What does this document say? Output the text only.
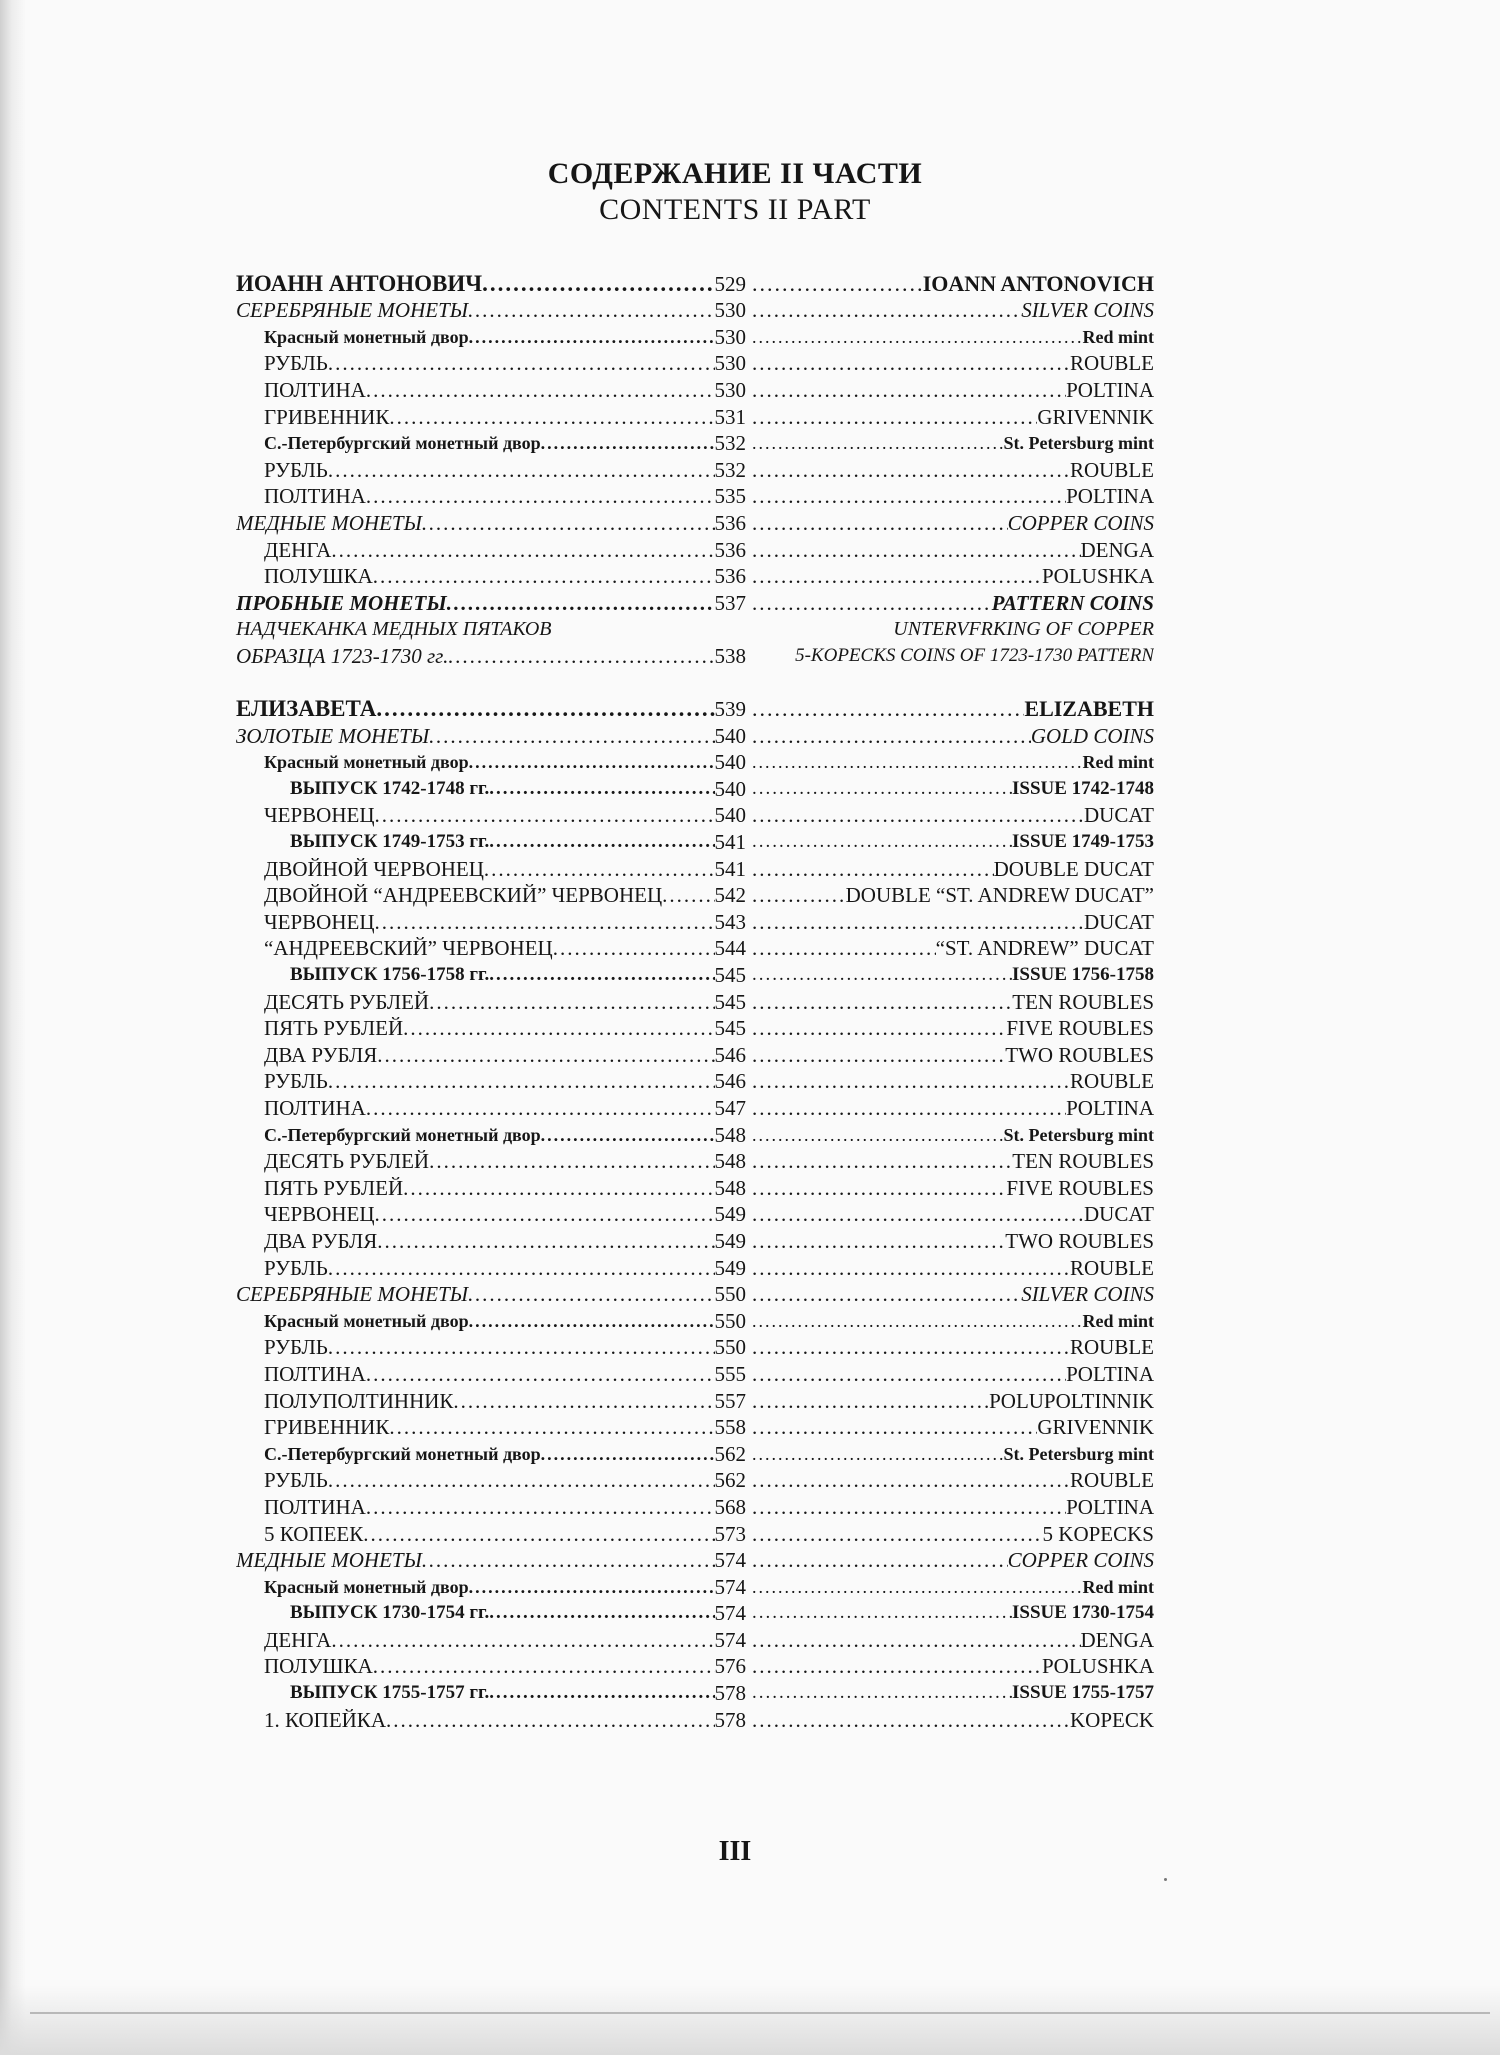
СОДЕРЖАНИЕ II ЧАСТИ
CONTENTS II PART
ИОАНН АНТОНОВИЧ .....	529 .....	IOANN ANTONOVICH
СЕРЕБРЯНЫЕ МОНЕТЫ .....	530 .....	SILVER COINS
Красный монетный двор .....	530 .....	Red mint
РУБЛЬ .....	530 .....	ROUBLE
ПОЛТИНА .....	530 .....	POLTINA
ГРИВЕННИК .....	531 .....	GRIVENNIK
С.-Петербургский монетный двор .....	532 .....	St. Petersburg mint
РУБЛЬ .....	532 .....	ROUBLE
ПОЛТИНА .....	535 .....	POLTINA
МЕДНЫЕ МОНЕТЫ .....	536 .....	COPPER COINS
ДЕНГА .....	536 .....	DENGA
ПОЛУШКА .....	536 .....	POLUSHKA
ПРОБНЫЕ МОНЕТЫ .....	537 .....	PATTERN COINS
НАДЧЕКАНКА МЕДНЫХ ПЯТАКОВ	UNTERVFRKING OF COPPER
ОБРАЗЦА 1723-1730 гг. .....	538	5-KOPECKS COINS OF 1723-1730 PATTERN
ЕЛИЗАВЕТА .....	539 .....	ELIZABETH
ЗОЛОТЫЕ МОНЕТЫ .....	540 .....	GOLD COINS
Красный монетный двор .....	540 .....	Red mint
ВЫПУСК 1742-1748 гг. .....	540 .....	ISSUE 1742-1748
ЧЕРВОНЕЦ .....	540 .....	DUCAT
ВЫПУСК 1749-1753 гг. .....	541 .....	ISSUE 1749-1753
ДВОЙНОЙ ЧЕРВОНЕЦ .....	541 .....	DOUBLE DUCAT
ДВОЙНОЙ “АНДРЕЕВСКИЙ” ЧЕРВОНЕЦ ..... 542 .....	DOUBLE “ST. ANDREW DUCAT”
ЧЕРВОНЕЦ .....	543 .....	DUCAT
“АНДРЕЕВСКИЙ” ЧЕРВОНЕЦ .....	544 .....	“ST. ANDREW” DUCAT
ВЫПУСК 1756-1758 гг. .....	545 .....	ISSUE 1756-1758
ДЕСЯТЬ РУБЛЕЙ .....	545 .....	TEN ROUBLES
ПЯТЬ РУБЛЕЙ .....	545 .....	FIVE ROUBLES
ДВА РУБЛЯ .....	546 .....	TWO ROUBLES
РУБЛЬ .....	546 .....	ROUBLE
ПОЛТИНА .....	547 .....	POLTINA
С.-Петербургский монетный двор .....	548 .....	St. Petersburg mint
ДЕСЯТЬ РУБЛЕЙ .....	548 .....	TEN ROUBLES
ПЯТЬ РУБЛЕЙ .....	548 .....	FIVE ROUBLES
ЧЕРВОНЕЦ .....	549 .....	DUCAT
ДВА РУБЛЯ .....	549 .....	TWO ROUBLES
РУБЛЬ .....	549 .....	ROUBLE
СЕРЕБРЯНЫЕ МОНЕТЫ .....	550 .....	SILVER COINS
Красный монетный двор .....	550 .....	Red mint
РУБЛЬ .....	550 .....	ROUBLE
ПОЛТИНА .....	555 .....	POLTINA
ПОЛУПОЛТИННИК .....	557 .....	POLUPOLTINNIK
ГРИВЕННИК .....	558 .....	GRIVENNIK
С.-Петербургский монетный двор .....	562 .....	St. Petersburg mint
РУБЛЬ .....	562 .....	ROUBLE
ПОЛТИНА .....	568 .....	POLTINA
5 КОПЕЕК .....	573 .....	5 KOPECKS
МЕДНЫЕ МОНЕТЫ .....	574 .....	COPPER COINS
Красный монетный двор .....	574 .....	Red mint
ВЫПУСК 1730-1754 гг. .....	574 .....	ISSUE 1730-1754
ДЕНГА .....	574 .....	DENGA
ПОЛУШКА .....	576 .....	POLUSHKA
ВЫПУСК 1755-1757 гг. .....	578 .....	ISSUE 1755-1757
1. КОПЕЙКА .....	578 .....	KOPECK
III
